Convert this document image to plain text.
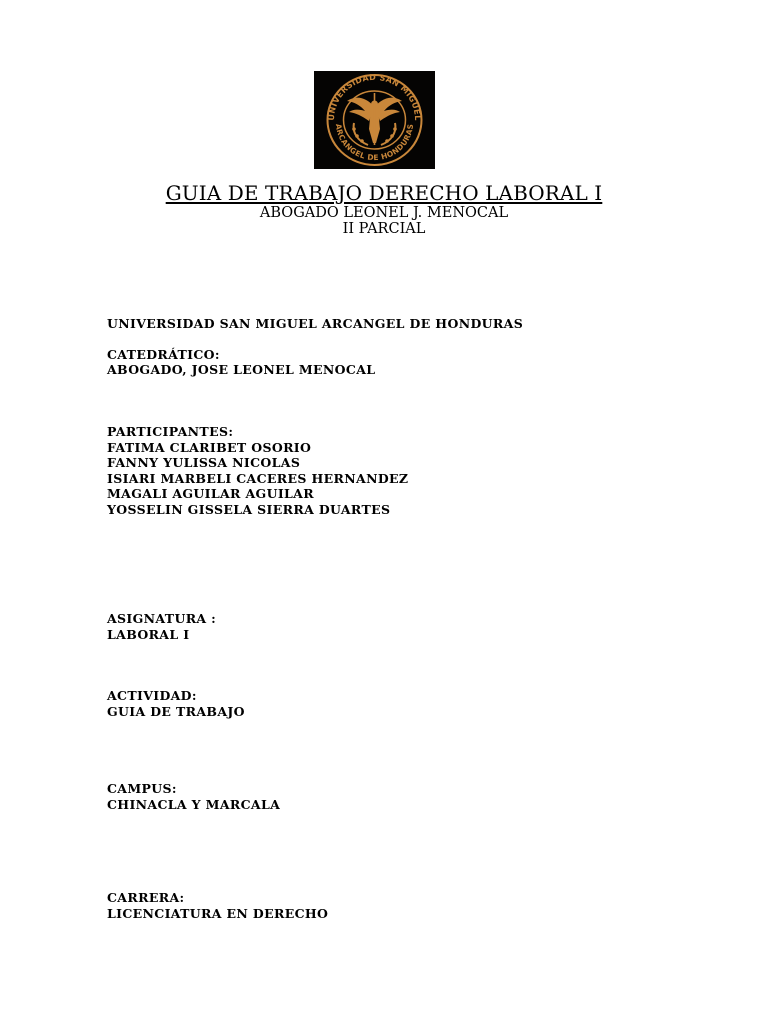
UNIVERSIDAD SAN MIGUEL
ARCANGEL DE HONDURAS
GUIA DE TRABAJO DERECHO LABORAL I
ABOGADO LEONEL J. MENOCAL
II PARCIAL
UNIVERSIDAD SAN MIGUEL ARCANGEL DE HONDURAS
CATEDRÁTICO:
ABOGADO, JOSE LEONEL MENOCAL
PARTICIPANTES:
FATIMA CLARIBET OSORIO
FANNY YULISSA NICOLAS
ISIARI MARBELI CACERES HERNANDEZ
MAGALI AGUILAR AGUILAR
YOSSELIN GISSELA SIERRA DUARTES
ASIGNATURA :
LABORAL I
ACTIVIDAD:
GUIA DE TRABAJO
CAMPUS:
CHINACLA Y MARCALA
CARRERA:
LICENCIATURA EN DERECHO
